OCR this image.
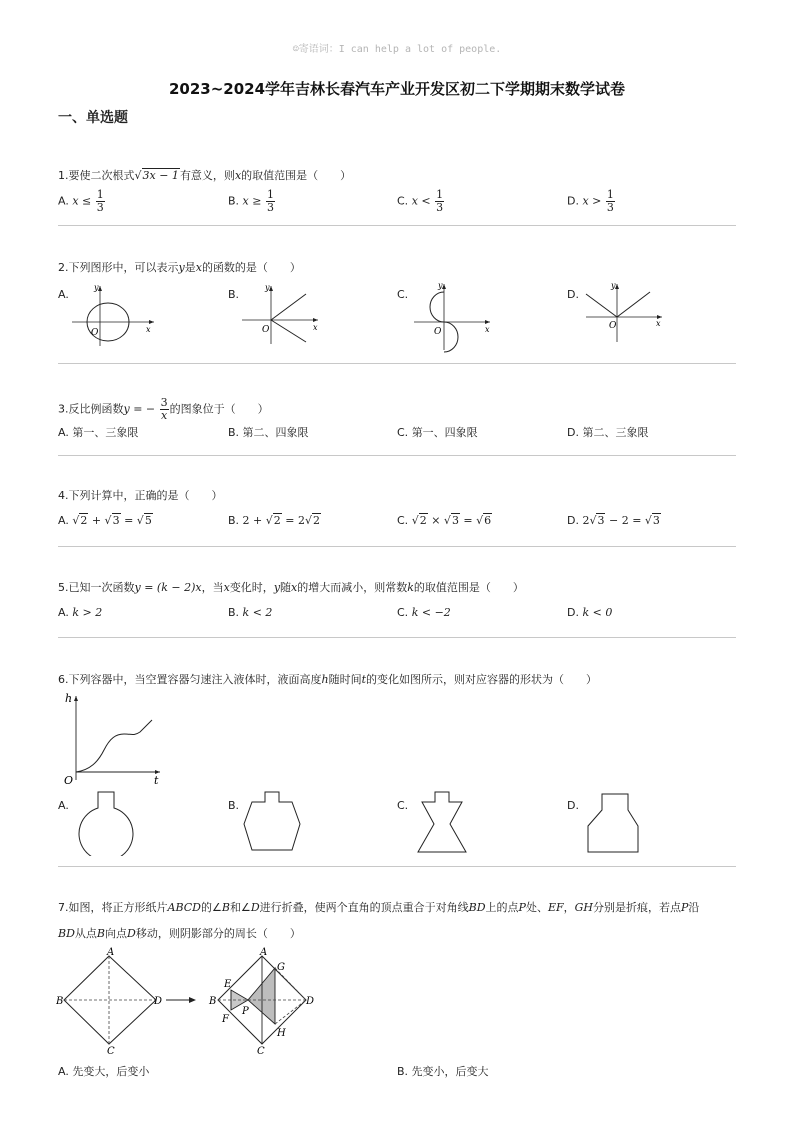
☺寄语词：I can help a lot of people.
2023~2024学年吉林长春汽车产业开发区初二下学期期末数学试卷
一、单选题
1.要使二次根式√3x − 1有意义，则x的取值范围是（　　）
A. $x \le \frac{1}{3}$	B. $x \ge \frac{1}{3}$	C. $x < \frac{1}{3}$	D. $x > \frac{1}{3}$
2.下列图形中，可以表示y是x的函数的是（　　）
A.	B.	C.	D.
O	x
y
O	x
y
O	x
y
O	x
y
3.反比例函数y = − $\frac{3}{x}$ 的图象位于（　　）
A. 第一、三象限	B. 第二、四象限	C. 第一、四象限	D. 第二、三象限
4.下列计算中，正确的是（　　）
A. √2 + √3 = √5	B. 2 + √2 = 2√2	C. √2 × √3 = √6	D. 2√3 − 2 = √3
5.已知一次函数y = (k − 2)x，当x变化时，y随x的增大而减小，则常数k的取值范围是（　　）
A. k > 2	B. k < 2	C. k < −2	D. k < 0
6.下列容器中，当空置容器匀速注入液体时，液面高度h随时间t的变化如图所示，则对应容器的形状为（　　）
h
t
O
A.	B.	C.	D.
7.如图，将正方形纸片ABCD的∠B和∠D进行折叠，使两个直角的顶点重合于对角线BD上的点P处、EF，GH分别是折痕，若点P沿
BD从点B向点D移动，则阴影部分的周长（　　）
A
B
C
D
A
B
C
D
E
F
G
H
P
A. 先变大，后变小	B. 先变小，后变大
